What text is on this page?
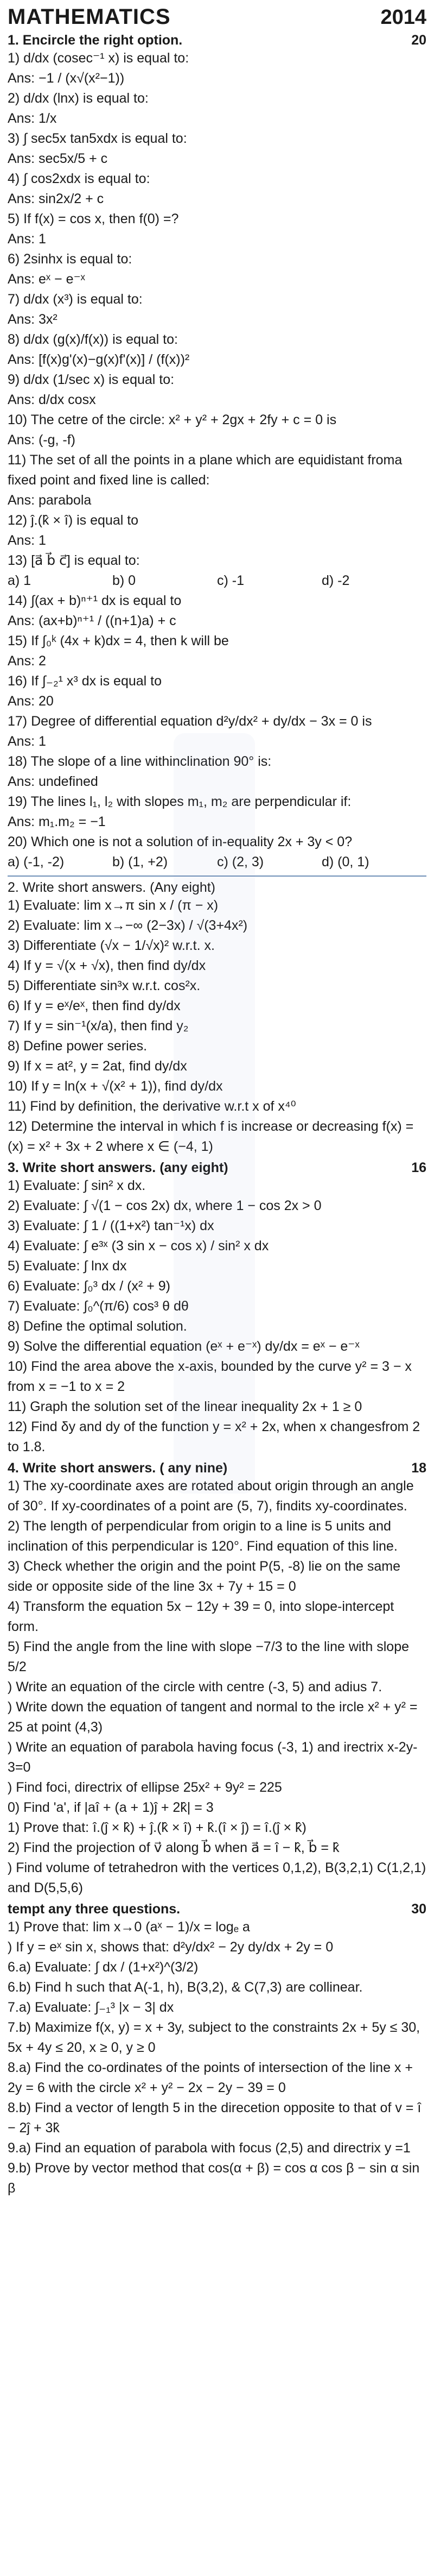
MATHEMATICS	2014
1. Encircle the right option.	20
1) d/dx (cosec⁻¹ x) is equal to:
Ans: −1 / (x√(x²−1))
2) d/dx (lnx) is equal to:
Ans: 1/x
3) ∫ sec5x tan5xdx is equal to:
Ans: sec5x/5 + c
4) ∫ cos2xdx is equal to:
Ans: sin2x/2 + c
5) If f(x) = cos x, then f(0) =?
Ans: 1
6) 2sinhx is equal to:
Ans: eˣ − e⁻ˣ
7) d/dx (x³) is equal to:
Ans: 3x²
8) d/dx (g(x)/f(x)) is equal to:
Ans: [f(x)g'(x)−g(x)f'(x)] / (f(x))²
9) d/dx (1/sec x) is equal to:
Ans: d/dx cosx
10) The cetre of the circle: x² + y² + 2gx + 2fy + c = 0 is
Ans: (-g, -f)
11) The set of all the points in a plane which are equidistant froma fixed point and fixed line is called:
Ans: parabola
12) ĵ.(k̂ × î) is equal to
Ans: 1
13) [a⃗ b⃗ c⃗] is equal to:
a) 1	b) 0	c) -1	d) -2
14) ∫(ax + b)ⁿ⁺¹ dx is equal to
Ans: (ax+b)ⁿ⁺¹ / ((n+1)a) + c
15) If ∫₀ᵏ (4x + k)dx = 4, then k will be
Ans: 2
16) If ∫₋₂¹ x³ dx is equal to
Ans: 20
17) Degree of differential equation d²y/dx² + dy/dx − 3x = 0 is
Ans: 1
18) The slope of a line withinclination 90° is:
Ans: undefined
19) The lines l₁, l₂ with slopes m₁, m₂ are perpendicular if:
Ans: m₁.m₂ = −1
20) Which one is not a solution of in-equality 2x + 3y < 0?
a) (-1, -2)	b) (1, +2)	c) (2, 3)	d) (0, 1)
2. Write short answers. (Any eight)
1) Evaluate: lim x→π sin x / (π − x)
2) Evaluate: lim x→−∞ (2−3x) / √(3+4x²)
3) Differentiate (√x − 1/√x)² w.r.t. x.
4) If y = √(x + √x), then find dy/dx
5) Differentiate sin³x w.r.t. cos²x.
6) If y = eˣ/eˣ, then find dy/dx
7) If y = sin⁻¹(x/a), then find y₂
8) Define power series.
9) If x = at², y = 2at, find dy/dx
10) If y = ln(x + √(x² + 1)), find dy/dx
11) Find by definition, the derivative w.r.t x of x⁴⁰
12) Determine the interval in which f is increase or decreasing f(x) = (x) = x² + 3x + 2 where x ∈ (−4, 1)
3. Write short answers. (any eight)	16
1) Evaluate: ∫ sin² x dx.
2) Evaluate: ∫ √(1 − cos 2x) dx, where 1 − cos 2x > 0
3) Evaluate: ∫ 1 / ((1+x²) tan⁻¹x) dx
4) Evaluate: ∫ e³ˣ (3 sin x − cos x) / sin² x dx
5) Evaluate: ∫ lnx dx
6) Evaluate: ∫₀³ dx / (x² + 9)
7) Evaluate: ∫₀^(π/6) cos³ θ dθ
8) Define the optimal solution.
9) Solve the differential equation (eˣ + e⁻ˣ) dy/dx = eˣ − e⁻ˣ
10) Find the area above the x-axis, bounded by the curve y² = 3 − x from x = −1 to x = 2
11) Graph the solution set of the linear inequality 2x + 1 ≥ 0
12) Find δy and dy of the function y = x² + 2x, when x changesfrom 2 to 1.8.
4. Write short answers. ( any nine)	18
1) The xy-coordinate axes are rotated about origin through an angle of 30°. If xy-coordinates of a point are (5, 7), findits xy-coordinates.
2) The length of perpendicular from origin to a line is 5 units and inclination of this perpendicular is 120°. Find equation of this line.
3) Check whether the origin and the point P(5, -8) lie on the same side or opposite side of the line 3x + 7y + 15 = 0
4) Transform the equation 5x − 12y + 39 = 0, into slope-intercept form.
5) Find the angle from the line with slope −7/3 to the line with slope 5/2
) Write an equation of the circle with centre (-3, 5) and adius 7.
) Write down the equation of tangent and normal to the ircle x² + y² = 25 at point (4,3)
) Write an equation of parabola having focus (-3, 1) and irectrix x-2y-3=0
) Find foci, directrix of ellipse 25x² + 9y² = 225
0) Find 'a', if |aî + (a + 1)ĵ + 2k̂| = 3
1) Prove that: î.(ĵ × k̂) + ĵ.(k̂ × î) + k̂.(î × ĵ) = î.(ĵ × k̂)
2) Find the projection of v⃗ along b⃗ when a⃗ = î − k̂, b⃗ = k̂
) Find volume of tetrahedron with the vertices 0,1,2), B(3,2,1) C(1,2,1) and D(5,5,6)
tempt any three questions.	30
1) Prove that: lim x→0 (aˣ − 1)/x = logₑ a
) If y = eˣ sin x, shows that: d²y/dx² − 2y dy/dx + 2y = 0
6.a) Evaluate: ∫ dx / (1+x²)^(3/2)
6.b) Find h such that A(-1, h), B(3,2), & C(7,3) are collinear.
7.a) Evaluate: ∫₋₁³ |x − 3| dx
7.b) Maximize f(x, y) = x + 3y, subject to the constraints 2x + 5y ≤ 30, 5x + 4y ≤ 20, x ≥ 0, y ≥ 0
8.a) Find the co-ordinates of the points of intersection of the line x + 2y = 6 with the circle x² + y² − 2x − 2y − 39 = 0
8.b) Find a vector of length 5 in the direcetion opposite to that of v = î − 2ĵ + 3k̂
9.a) Find an equation of parabola with focus (2,5) and directrix y =1
9.b) Prove by vector method that cos(α + β) = cos α cos β − sin α sin β
